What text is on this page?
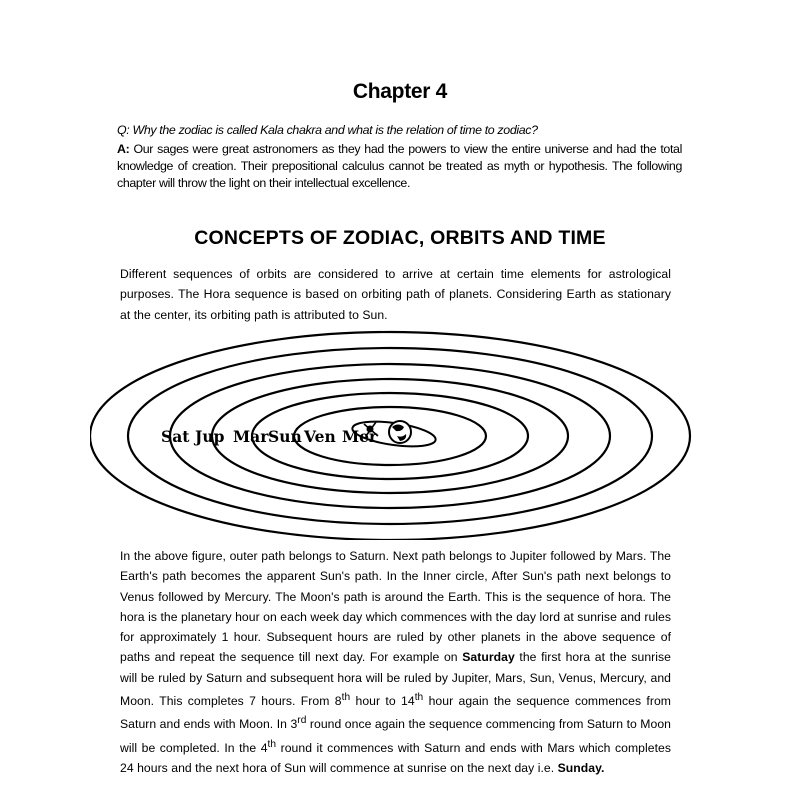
Chapter 4

Q: Why the zodiac is called Kala chakra and what is the relation of time to zodiac?

A: Our sages were great astronomers as they had the powers to view the entire universe and had the total knowledge of creation. Their prepositional calculus cannot be treated as myth or hypothesis. The following chapter will throw the light on their intellectual excellence.

CONCEPTS OF ZODIAC, ORBITS AND TIME
Different sequences of orbits are considered to arrive at certain time elements for astrological purposes. The Hora sequence is based on orbiting path of planets. Considering Earth as stationary at the center, its orbiting path is attributed to Sun.
Sat Jup Mar Sun Ven Mer
In the above figure, outer path belongs to Saturn. Next path belongs to Jupiter followed by Mars. The Earth's path becomes the apparent Sun's path. In the Inner circle, After Sun's path next belongs to Venus followed by Mercury. The Moon's path is around the Earth. This is the sequence of hora. The hora is the planetary hour on each week day which commences with the day lord at sunrise and rules for approximately 1 hour. Subsequent hours are ruled by other planets in the above sequence of paths and repeat the sequence till next day. For example on Saturday the first hora at the sunrise will be ruled by Saturn and subsequent hora will be ruled by Jupiter, Mars, Sun, Venus, Mercury, and Moon. This completes 7 hours. From 8th hour to 14th hour again the sequence commences from Saturn and ends with Moon. In 3rd round once again the sequence commencing from Saturn to Moon will be completed. In the 4th round it commences with Saturn and ends with Mars which completes 24 hours and the next hora of Sun will commence at sunrise on the next day i.e. Sunday.
